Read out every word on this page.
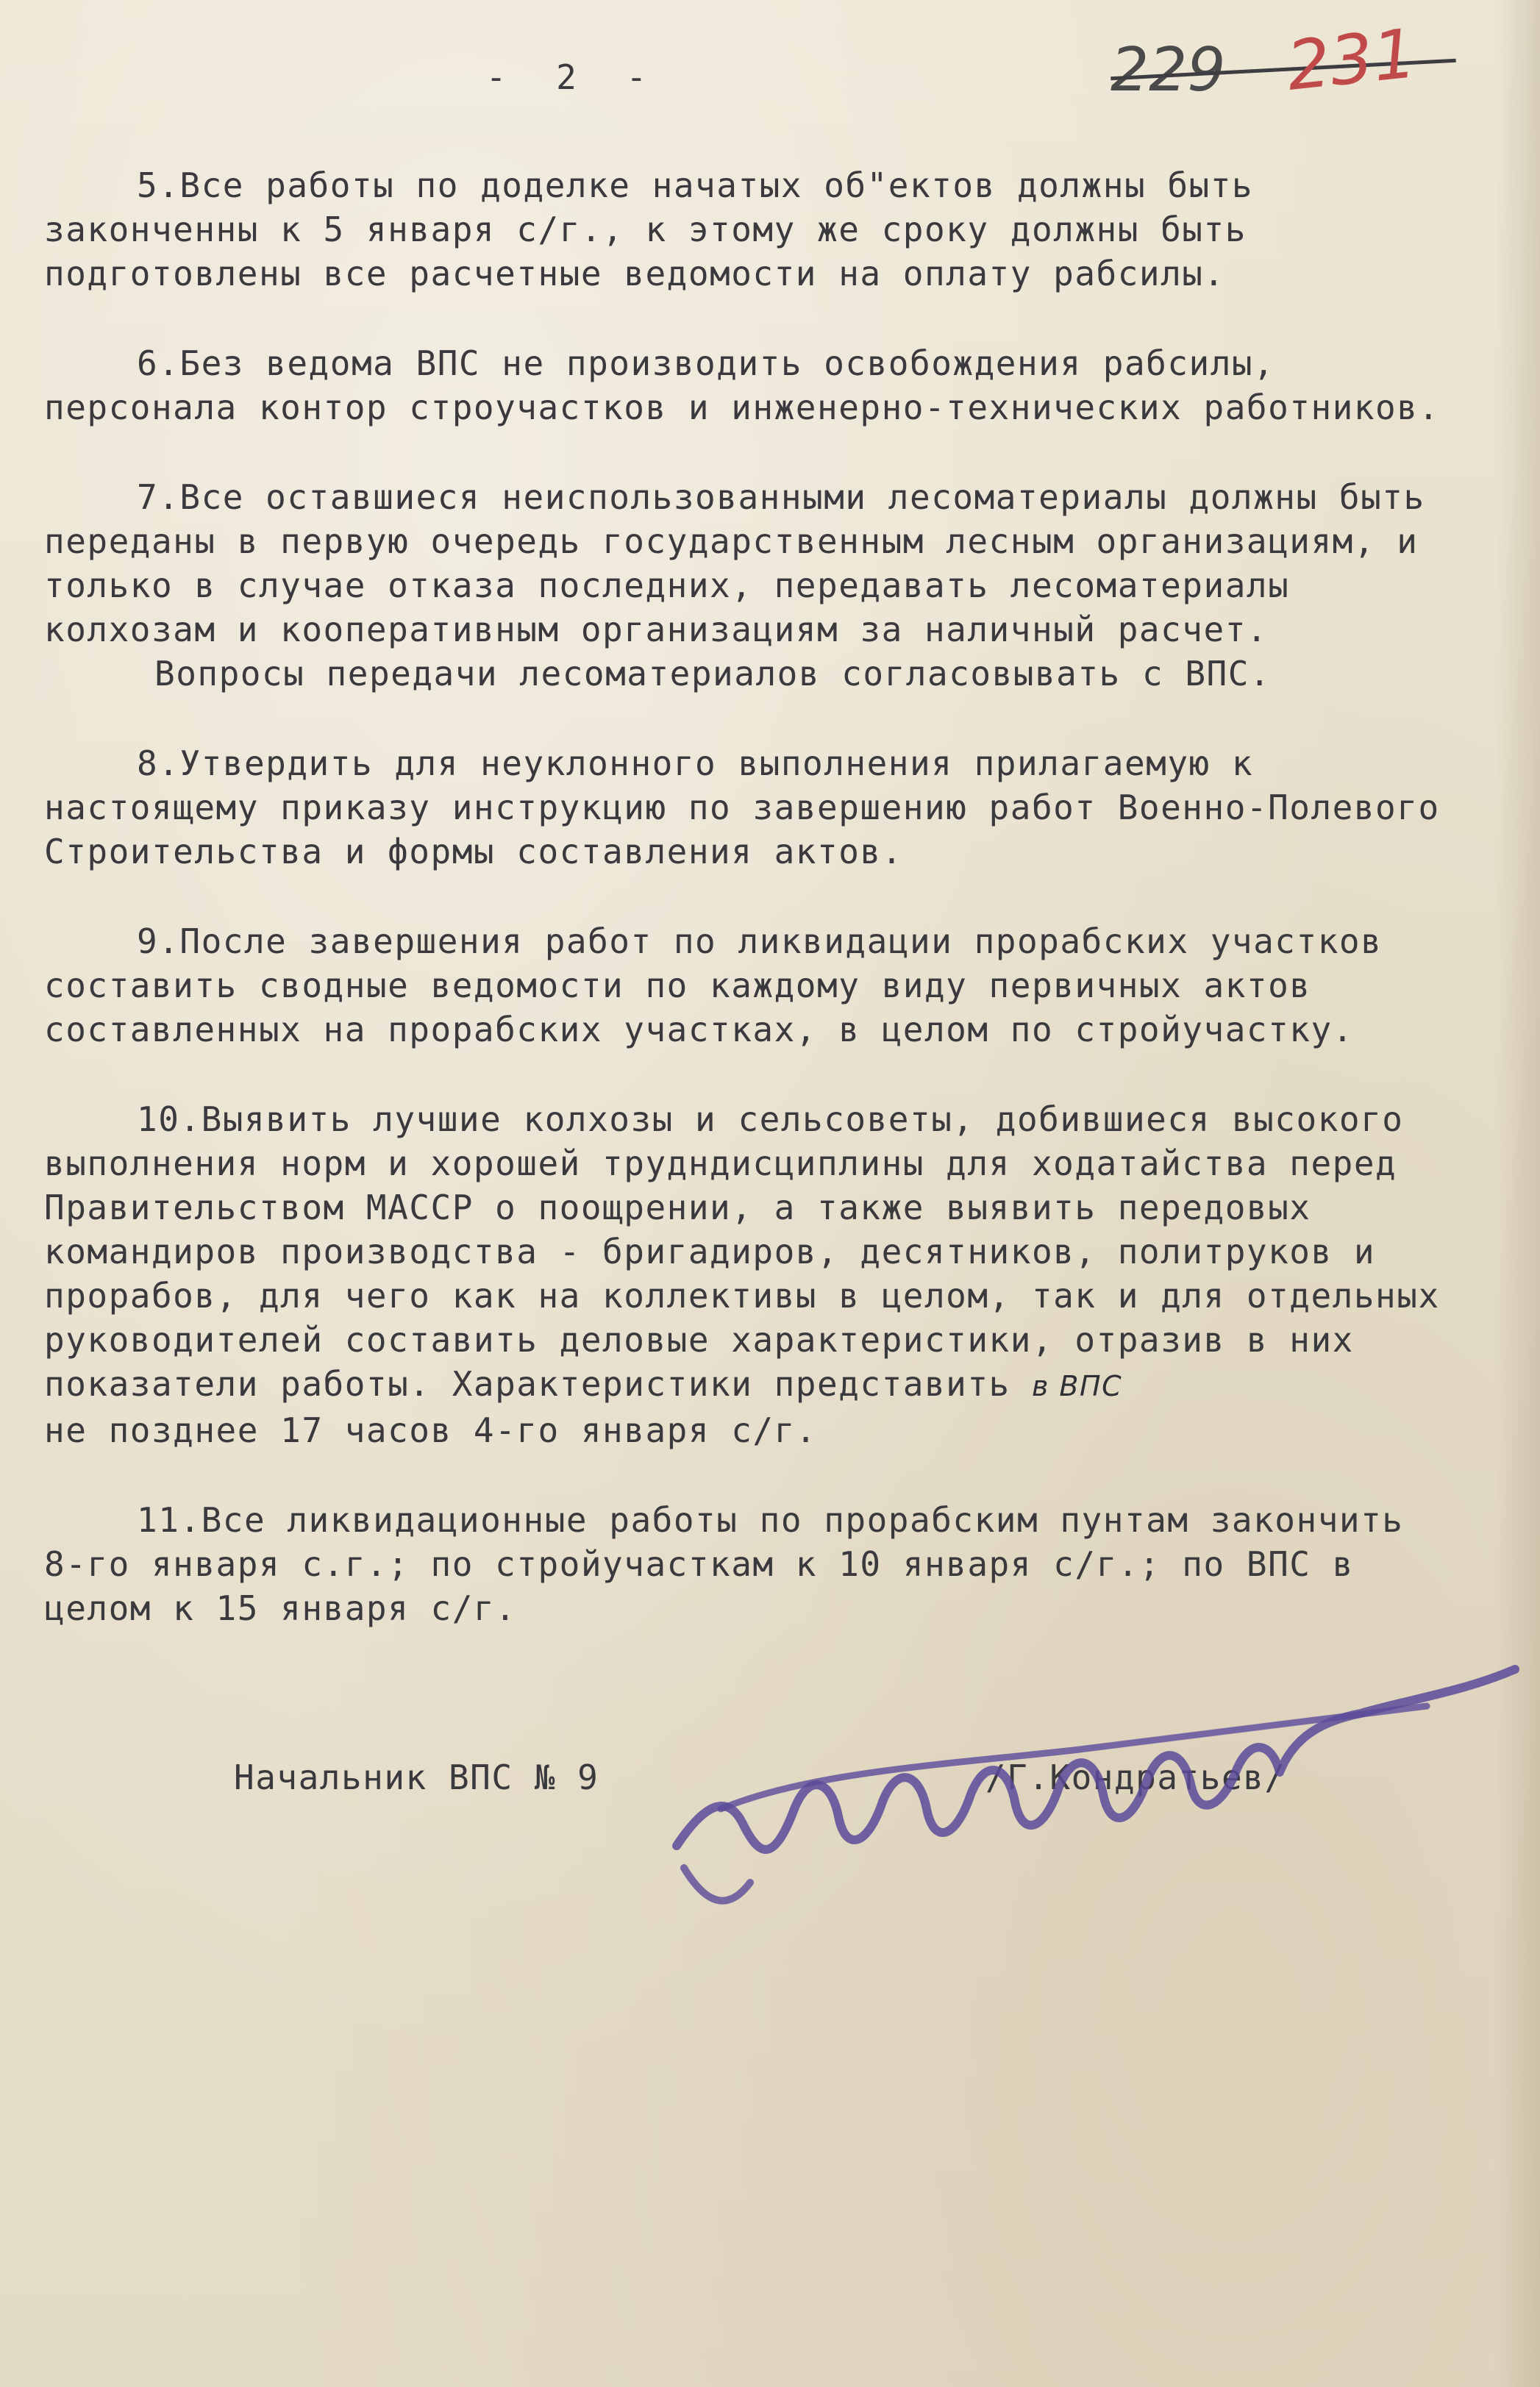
- 2 -	229 231

5.Все работы по доделке начатых об"ектов должны быть законченны к 5 января с/г., к этому же сроку должны быть подготовлены все расчетные ведомости на оплату рабсилы.

6.Без ведома ВПС не производить освобождения рабсилы, персонала контор строучастков и инженерно-технических работников.

7.Все оставшиеся неиспользованными лесоматериалы должны быть переданы в первую очередь государственным лесным организациям, и только в случае отказа последних, передавать лесоматериалы колхозам и кооперативным организациям за наличный расчет.

Вопросы передачи лесоматериалов согласовывать с ВПС.

8.Утвердить для неуклонного выполнения прилагаемую к настоящему приказу инструкцию по завершению работ Военно-Полевого Строительства и формы составления актов.

9.После завершения работ по ликвидации прорабских участков составить сводные ведомости по каждому виду первичных актов составленных на прорабских участках, в целом по стройучастку.

10.Выявить лучшие колхозы и сельсоветы, добившиеся высокого выполнения норм и хорошей трудндисциплины для ходатайства перед Правительством МАССР о поощрении, а также выявить передовых командиров производства - бригадиров, десятников, политруков и прорабов, для чего как на коллективы в целом, так и для отдельных руководителей составить деловые характеристики, отразив в них показатели работы. Характеристики представить в ВПС

не позднее 17 часов 4-го января с/г.

11.Все ликвидационные работы по прорабским пунтам закончить 8-го января с.г.; по стройучасткам к 10 января с/г.; по ВПС в целом к 15 января с/г.

Начальник ВПС № 9	/Г.Кондратьев/
